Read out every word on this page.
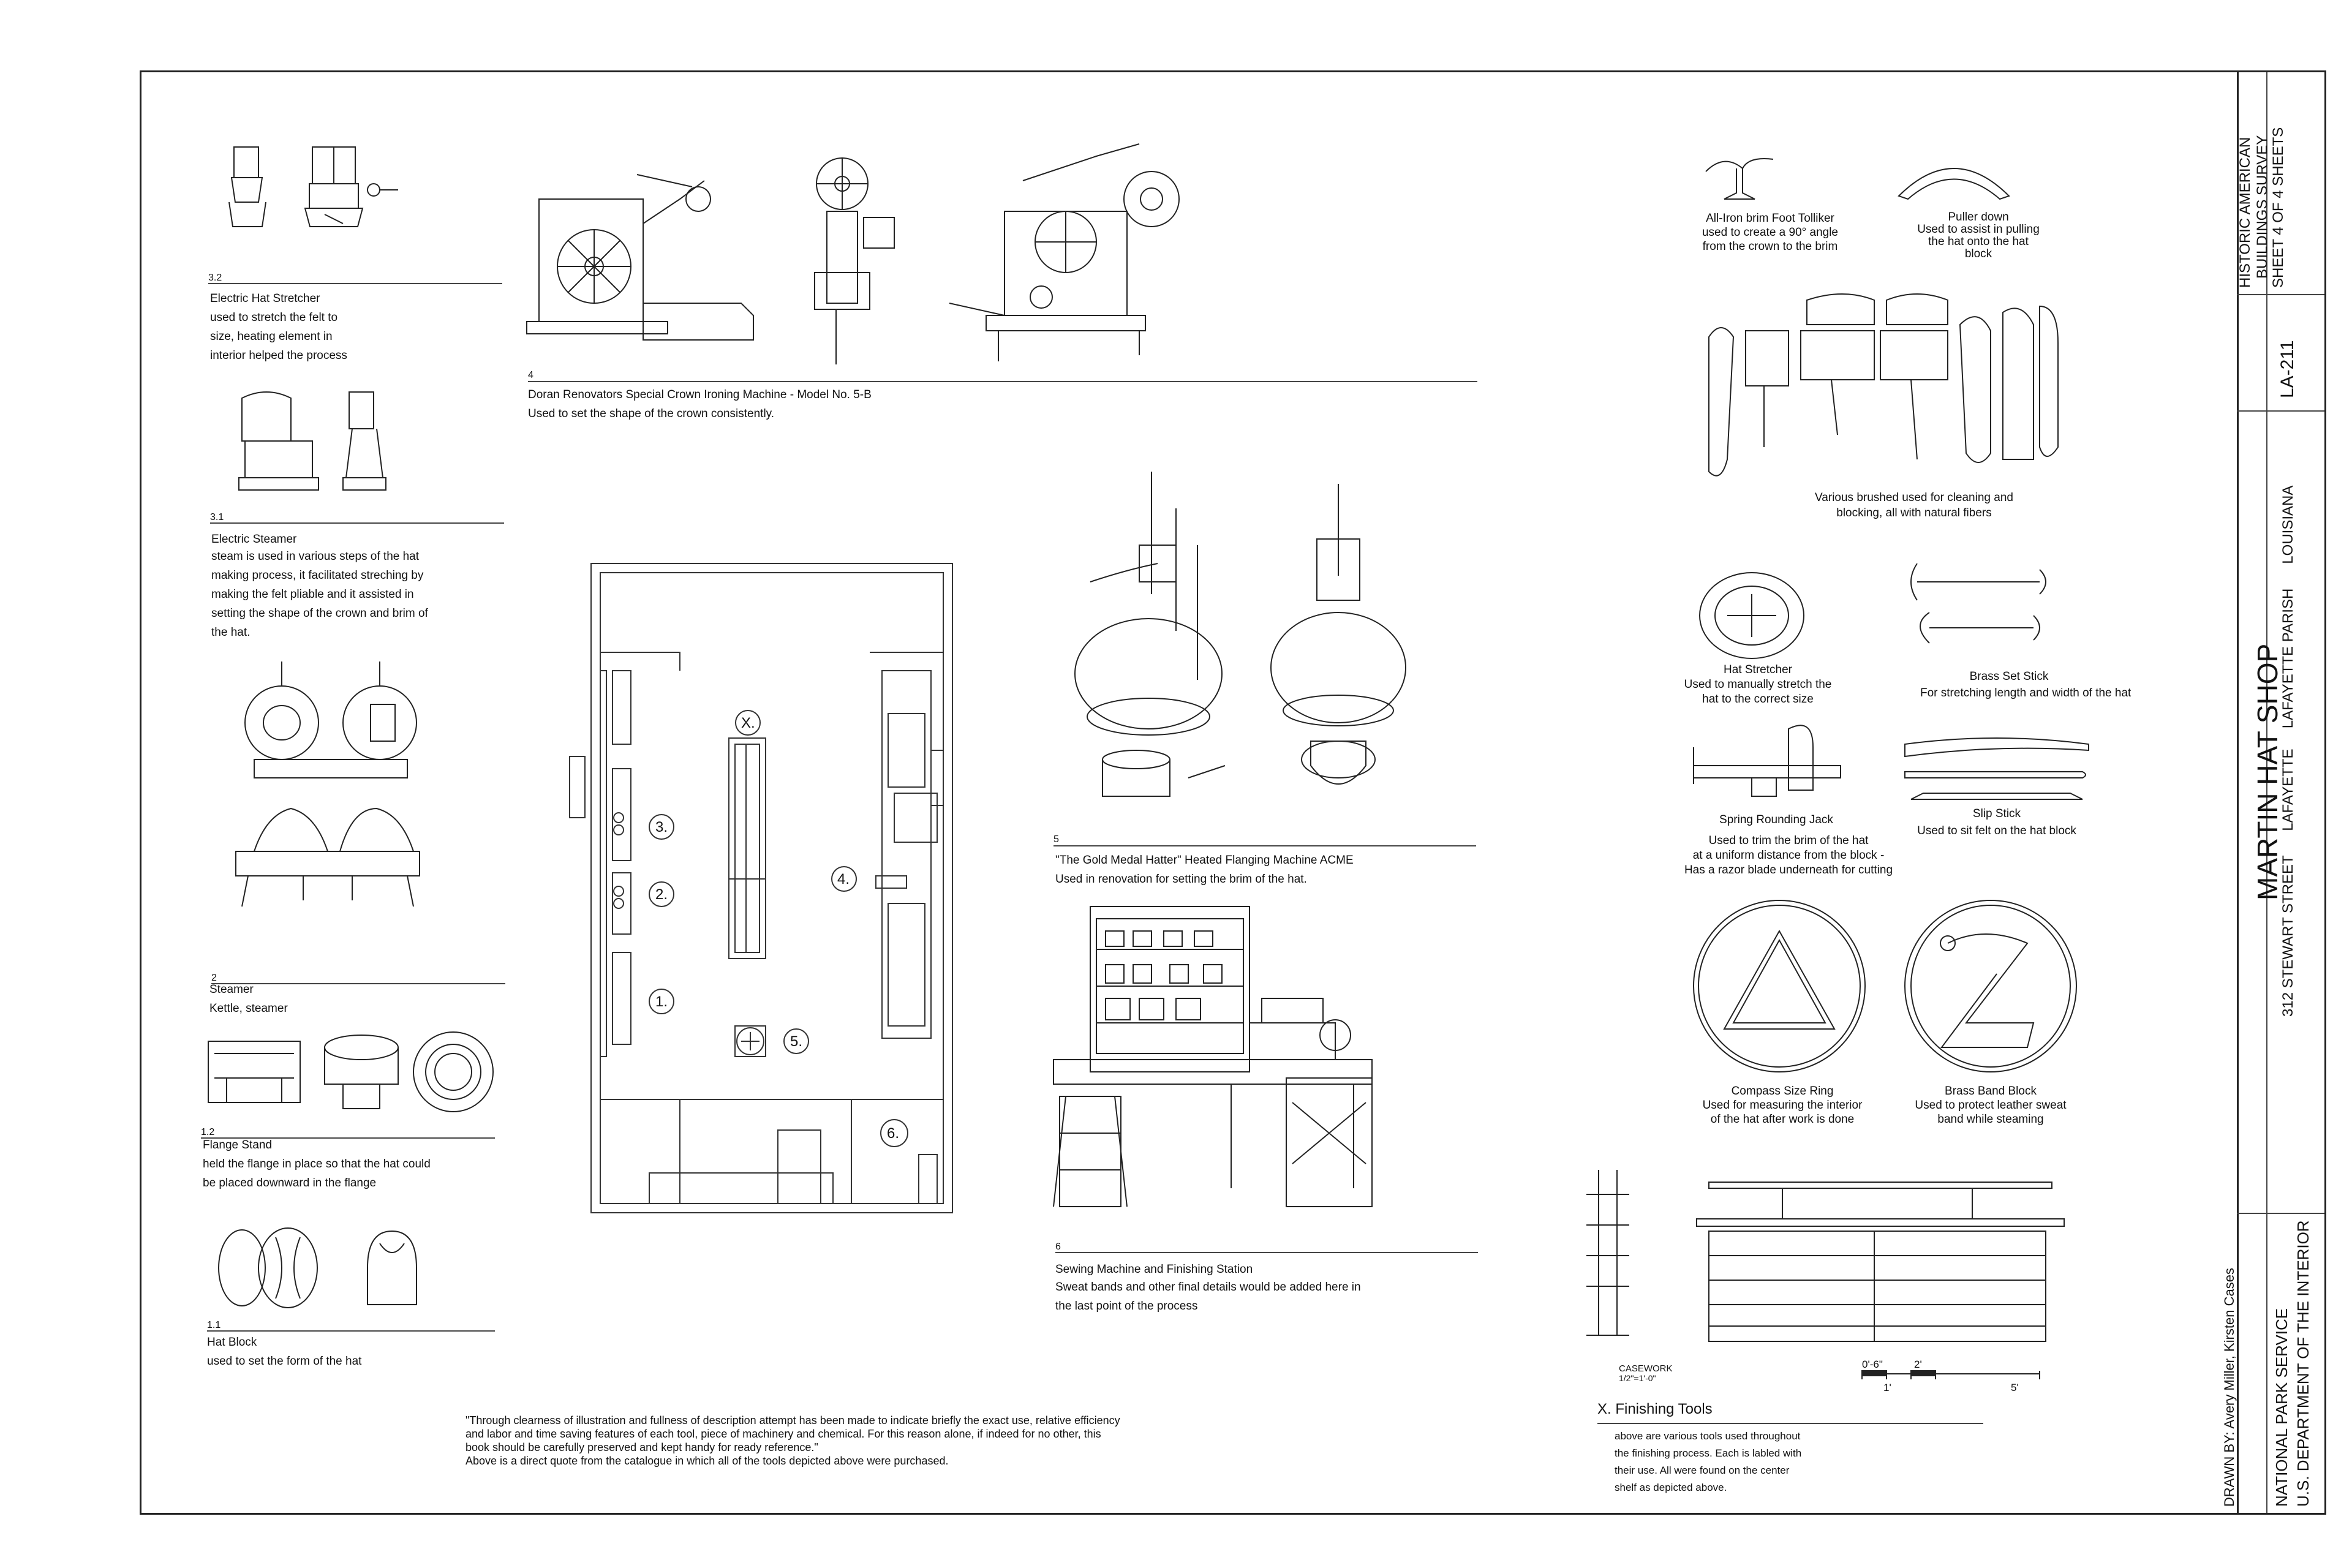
3.2
Electric Hat Stretcher
used to stretch the felt to
size, heating element in
interior helped the process
3.1
Electric Steamer
steam is used in various steps of the hat
making process, it facilitated streching by
making the felt pliable and it assisted in
setting the shape of the crown and brim of
the hat.
2
Steamer
Kettle, steamer
1.2
Flange Stand
held the flange in place so that the hat could
be placed downward in the flange
1.1
Hat Block
used to set the form of the hat
4
Doran Renovators Special Crown Ironing Machine - Model No. 5-B
Used to set the shape of the crown consistently.
X.
3.
2.
1.
4.
5.
6.
5
"The Gold Medal Hatter" Heated Flanging Machine ACME
Used in renovation for setting the brim of the hat.
6
Sewing Machine and Finishing Station
Sweat bands and other final details would be added here in
the last point of the process
"Through clearness of illustration and fullness of description attempt has been made to indicate briefly the exact use, relative efficiency
and labor and time saving features of each tool, piece of machinery and chemical. For this reason alone, if indeed for no other, this
book should be carefully preserved and kept handy for ready reference."
Above is a direct quote from the catalogue in which all of the tools depicted above were purchased.
All-Iron brim Foot Tolliker
used to create a 90° angle
from the crown to the brim
Puller down
Used to assist in pulling
the hat onto the hat
block
Various brushed used for cleaning and
blocking, all with natural fibers
Hat Stretcher
Used to manually stretch the
hat to the correct size
Brass Set Stick
For stretching length and width of the hat
Spring Rounding Jack
Used to trim the brim of the hat
at a uniform distance from the block -
Has a razor blade underneath for cutting
Slip Stick
Used to sit felt on the hat block
Compass Size Ring
Used for measuring the interior
of the hat after work is done
Brass Band Block
Used to protect leather sweat
band while steaming
CASEWORK
1/2"=1'-0"
0'-6"	2'
1'	5'
X. Finishing Tools
above are various tools used throughout
the finishing process. Each is labled with
their use. All were found on the center
shelf as depicted above.	DRAWN BY: Avery Miller, Kirsten Cases NATIONAL PARK SERVICE U.S. DEPARTMENT OF THE INTERIOR
MARTIN HAT SHOP
312 STEWART STREET      LAFAYETTE     LAFAYETTE PARISH      LOUISIANA
HISTORIC AMERICAN BUILDINGS SURVEY SHEET 4 OF 4 SHEETS
LA-211
